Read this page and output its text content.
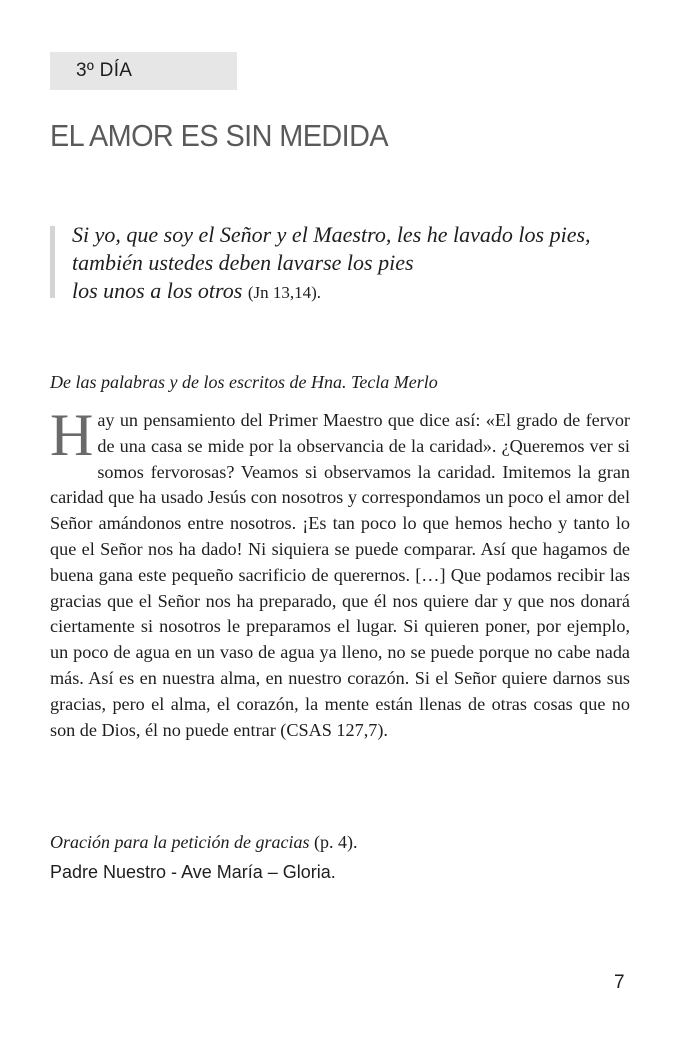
3º DÍA
EL AMOR ES SIN MEDIDA
Si yo, que soy el Señor y el Maestro, les he lavado los pies,
también ustedes deben lavarse los pies
los unos a los otros (Jn 13,14).
De las palabras y de los escritos de Hna. Tecla Merlo

Hay un pensamiento del Primer Maestro que dice así: «El grado de fervor de una casa se mide por la observancia de la caridad». ¿Queremos ver si somos fervorosas? Veamos si observamos la caridad. Imitemos la gran caridad que ha usado Jesús con nosotros y correspondamos un poco el amor del Señor amándonos entre nosotros. ¡Es tan poco lo que hemos hecho y tanto lo que el Señor nos ha dado! Ni siquiera se puede comparar. Así que hagamos de buena gana este pequeño sacrificio de querernos. […] Que podamos recibir las gracias que el Señor nos ha preparado, que él nos quiere dar y que nos donará ciertamente si nosotros le preparamos el lugar. Si quieren poner, por ejemplo, un poco de agua en un vaso de agua ya lleno, no se puede porque no cabe nada más. Así es en nuestra alma, en nuestro corazón. Si el Señor quiere darnos sus gracias, pero el alma, el corazón, la mente están llenas de otras cosas que no son de Dios, él no puede entrar (CSAS 127,7).

Oración para la petición de gracias (p. 4).
Padre Nuestro - Ave María – Gloria.
7
